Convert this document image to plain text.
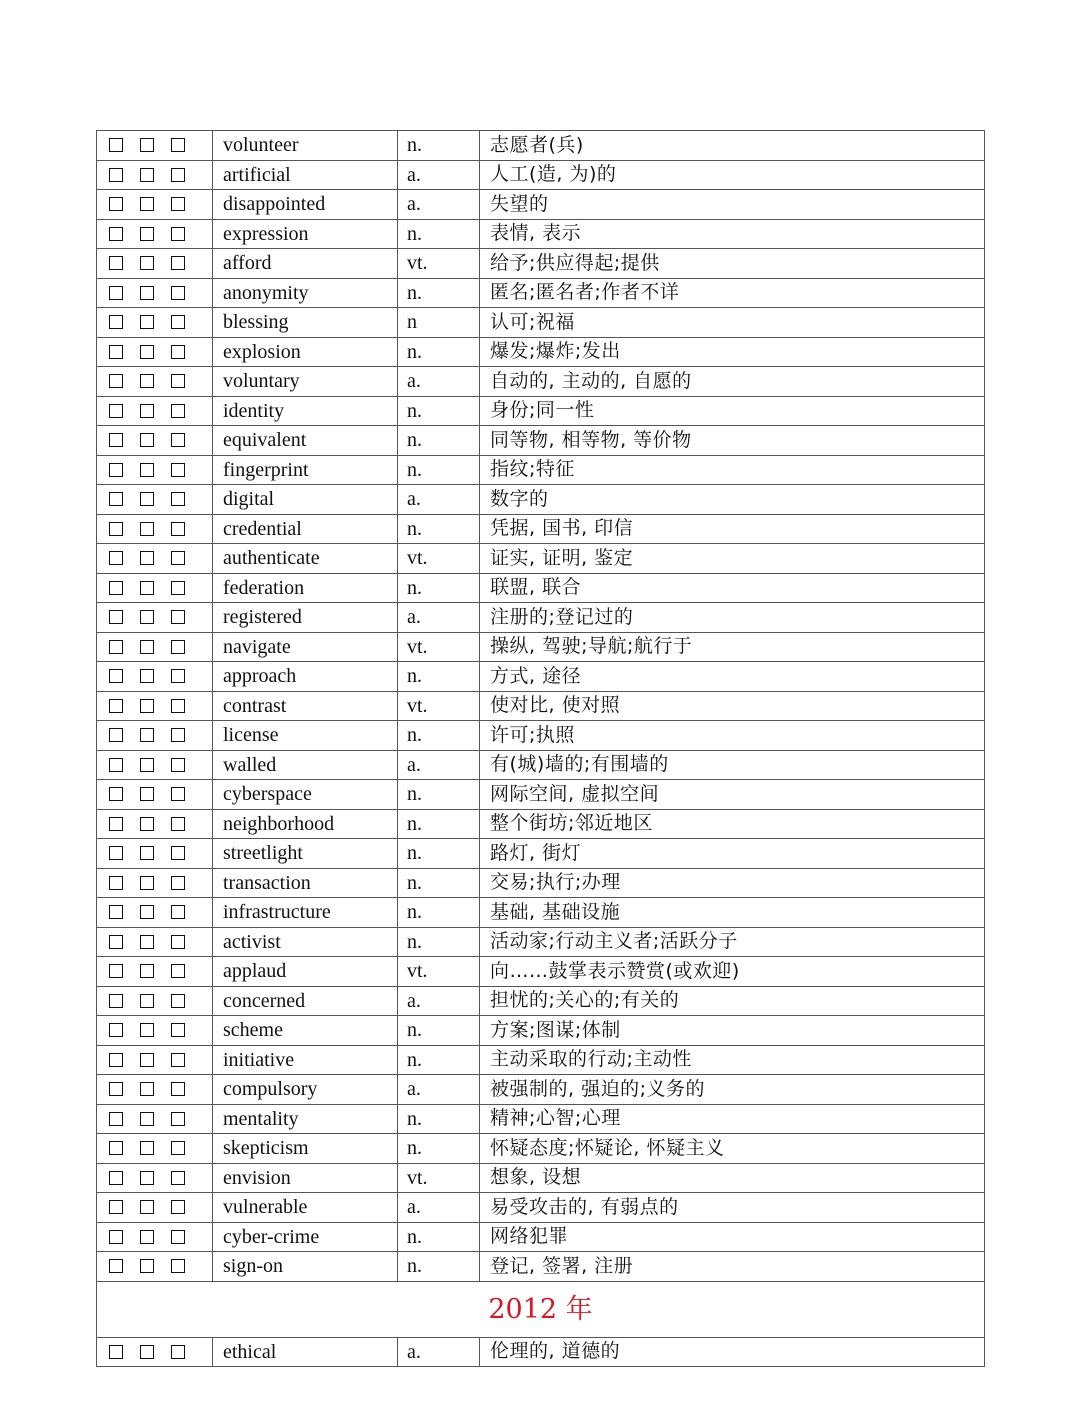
	volunteer	n.	志愿者(兵)

	artificial	a.	人工(造, 为)的

	disappointed	a.	失望的

	expression	n.	表情, 表示

	afford	vt.	给予;供应得起;提供

	anonymity	n.	匿名;匿名者;作者不详

	blessing	n	认可;祝福

	explosion	n.	爆发;爆炸;发出

	voluntary	a.	自动的, 主动的, 自愿的

	identity	n.	身份;同一性

	equivalent	n.	同等物, 相等物, 等价物

	fingerprint	n.	指纹;特征

	digital	a.	数字的

	credential	n.	凭据, 国书, 印信

	authenticate	vt.	证实, 证明, 鉴定

	federation	n.	联盟, 联合

	registered	a.	注册的;登记过的

	navigate	vt.	操纵, 驾驶;导航;航行于

	approach	n.	方式, 途径

	contrast	vt.	使对比, 使对照

	license	n.	许可;执照

	walled	a.	有(城)墙的;有围墙的

	cyberspace	n.	网际空间, 虚拟空间

	neighborhood	n.	整个街坊;邻近地区

	streetlight	n.	路灯, 街灯

	transaction	n.	交易;执行;办理

	infrastructure	n.	基础, 基础设施

	activist	n.	活动家;行动主义者;活跃分子

	applaud	vt.	向……鼓掌表示赞赏(或欢迎)

	concerned	a.	担忧的;关心的;有关的

	scheme	n.	方案;图谋;体制

	initiative	n.	主动采取的行动;主动性

	compulsory	a.	被强制的, 强迫的;义务的

	mentality	n.	精神;心智;心理

	skepticism	n.	怀疑态度;怀疑论, 怀疑主义

	envision	vt.	想象, 设想

	vulnerable	a.	易受攻击的, 有弱点的

	cyber-crime	n.	网络犯罪

	sign-on	n.	登记, 签署, 注册
2012 年			

	ethical	a.	伦理的, 道德的
